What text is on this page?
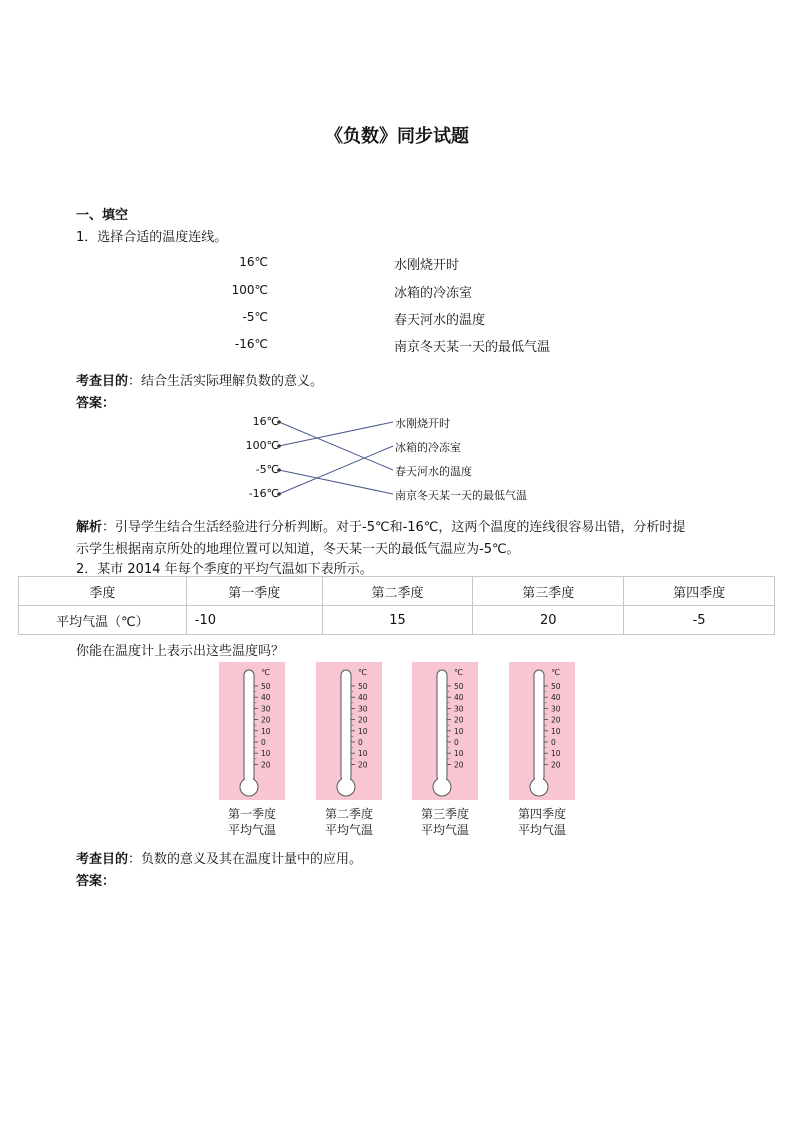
《负数》同步试题
一、填空
1．选择合适的温度连线。
16℃
100℃
-5℃
-16℃
水刚烧开时
冰箱的冷冻室
春天河水的温度
南京冬天某一天的最低气温
考查目的：结合生活实际理解负数的意义。
答案：
16℃
100℃
-5℃
-16℃
水刚烧开时
冰箱的冷冻室
春天河水的温度
南京冬天某一天的最低气温
解析：引导学生结合生活经验进行分析判断。对于-5℃和-16℃，这两个温度的连线很容易出错，分析时提
示学生根据南京所处的地理位置可以知道，冬天某一天的最低气温应为-5℃。
2．某市 2014 年每个季度的平均气温如下表所示。
季度	第一季度	第二季度	第三季度	第四季度
平均气温（℃）	-10	15	20	-5
你能在温度计上表示出这些温度吗？
℃
50
40
30
20
10
0
10
20
℃
50
40
30
20
10
0
10
20
℃
50
40
30
20
10
0
10
20
℃
50
40
30
20
10
0
10
20
第一季度
平均气温
第二季度
平均气温
第三季度
平均气温
第四季度
平均气温
考查目的：负数的意义及其在温度计量中的应用。
答案：
